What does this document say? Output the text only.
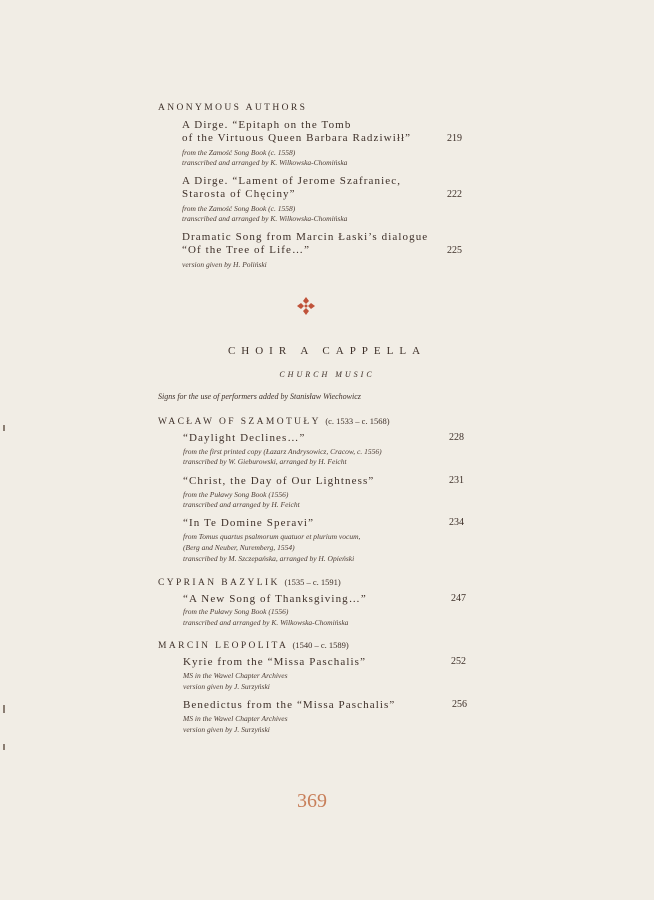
ANONYMOUS AUTHORS
A Dirge. “Epitaph on the Tomb
of the Virtuous Queen Barbara Radziwiłł”	219
from the Zamość Song Book (c. 1558)
transcribed and arranged by K. Wilkowska-Chomińska
A Dirge. “Lament of Jerome Szafraniec,
Starosta of Chęciny”	222
from the Zamość Song Book (c. 1558)
transcribed and arranged by K. Wilkowska-Chomińska
Dramatic Song from Marcin Łaski’s dialogue
“Of the Tree of Life…”	225
version given by H. Poliński
CHOIR A CAPPELLA
CHURCH MUSIC
Signs for the use of performers added by Stanisław Wiechowicz
WACŁAW OF SZAMOTUŁY (c. 1533 – c. 1568)
“Daylight Declines…”	228
from the first printed copy (Łazarz Andrysowicz, Cracow, c. 1556)
transcribed by W. Gieburowski, arranged by H. Feicht
“Christ, the Day of Our Lightness”	231
from the Puławy Song Book (1556)
transcribed and arranged by H. Feicht
“In Te Domine Speravi”	234
from Tomus quartus psalmorum quatuor et plurium vocum,
(Berg and Neuber, Nuremberg, 1554)
transcribed by M. Szczepańska, arranged by H. Opieński
CYPRIAN BAZYLIK (1535 – c. 1591)
“A New Song of Thanksgiving…”	247
from the Puławy Song Book (1556)
transcribed and arranged by K. Wilkowska-Chomińska
MARCIN LEOPOLITA (1540 – c. 1589)
Kyrie from the “Missa Paschalis”	252
MS in the Wawel Chapter Archives
version given by J. Surzyński
Benedictus from the “Missa Paschalis”	256
MS in the Wawel Chapter Archives
version given by J. Surzyński
369
